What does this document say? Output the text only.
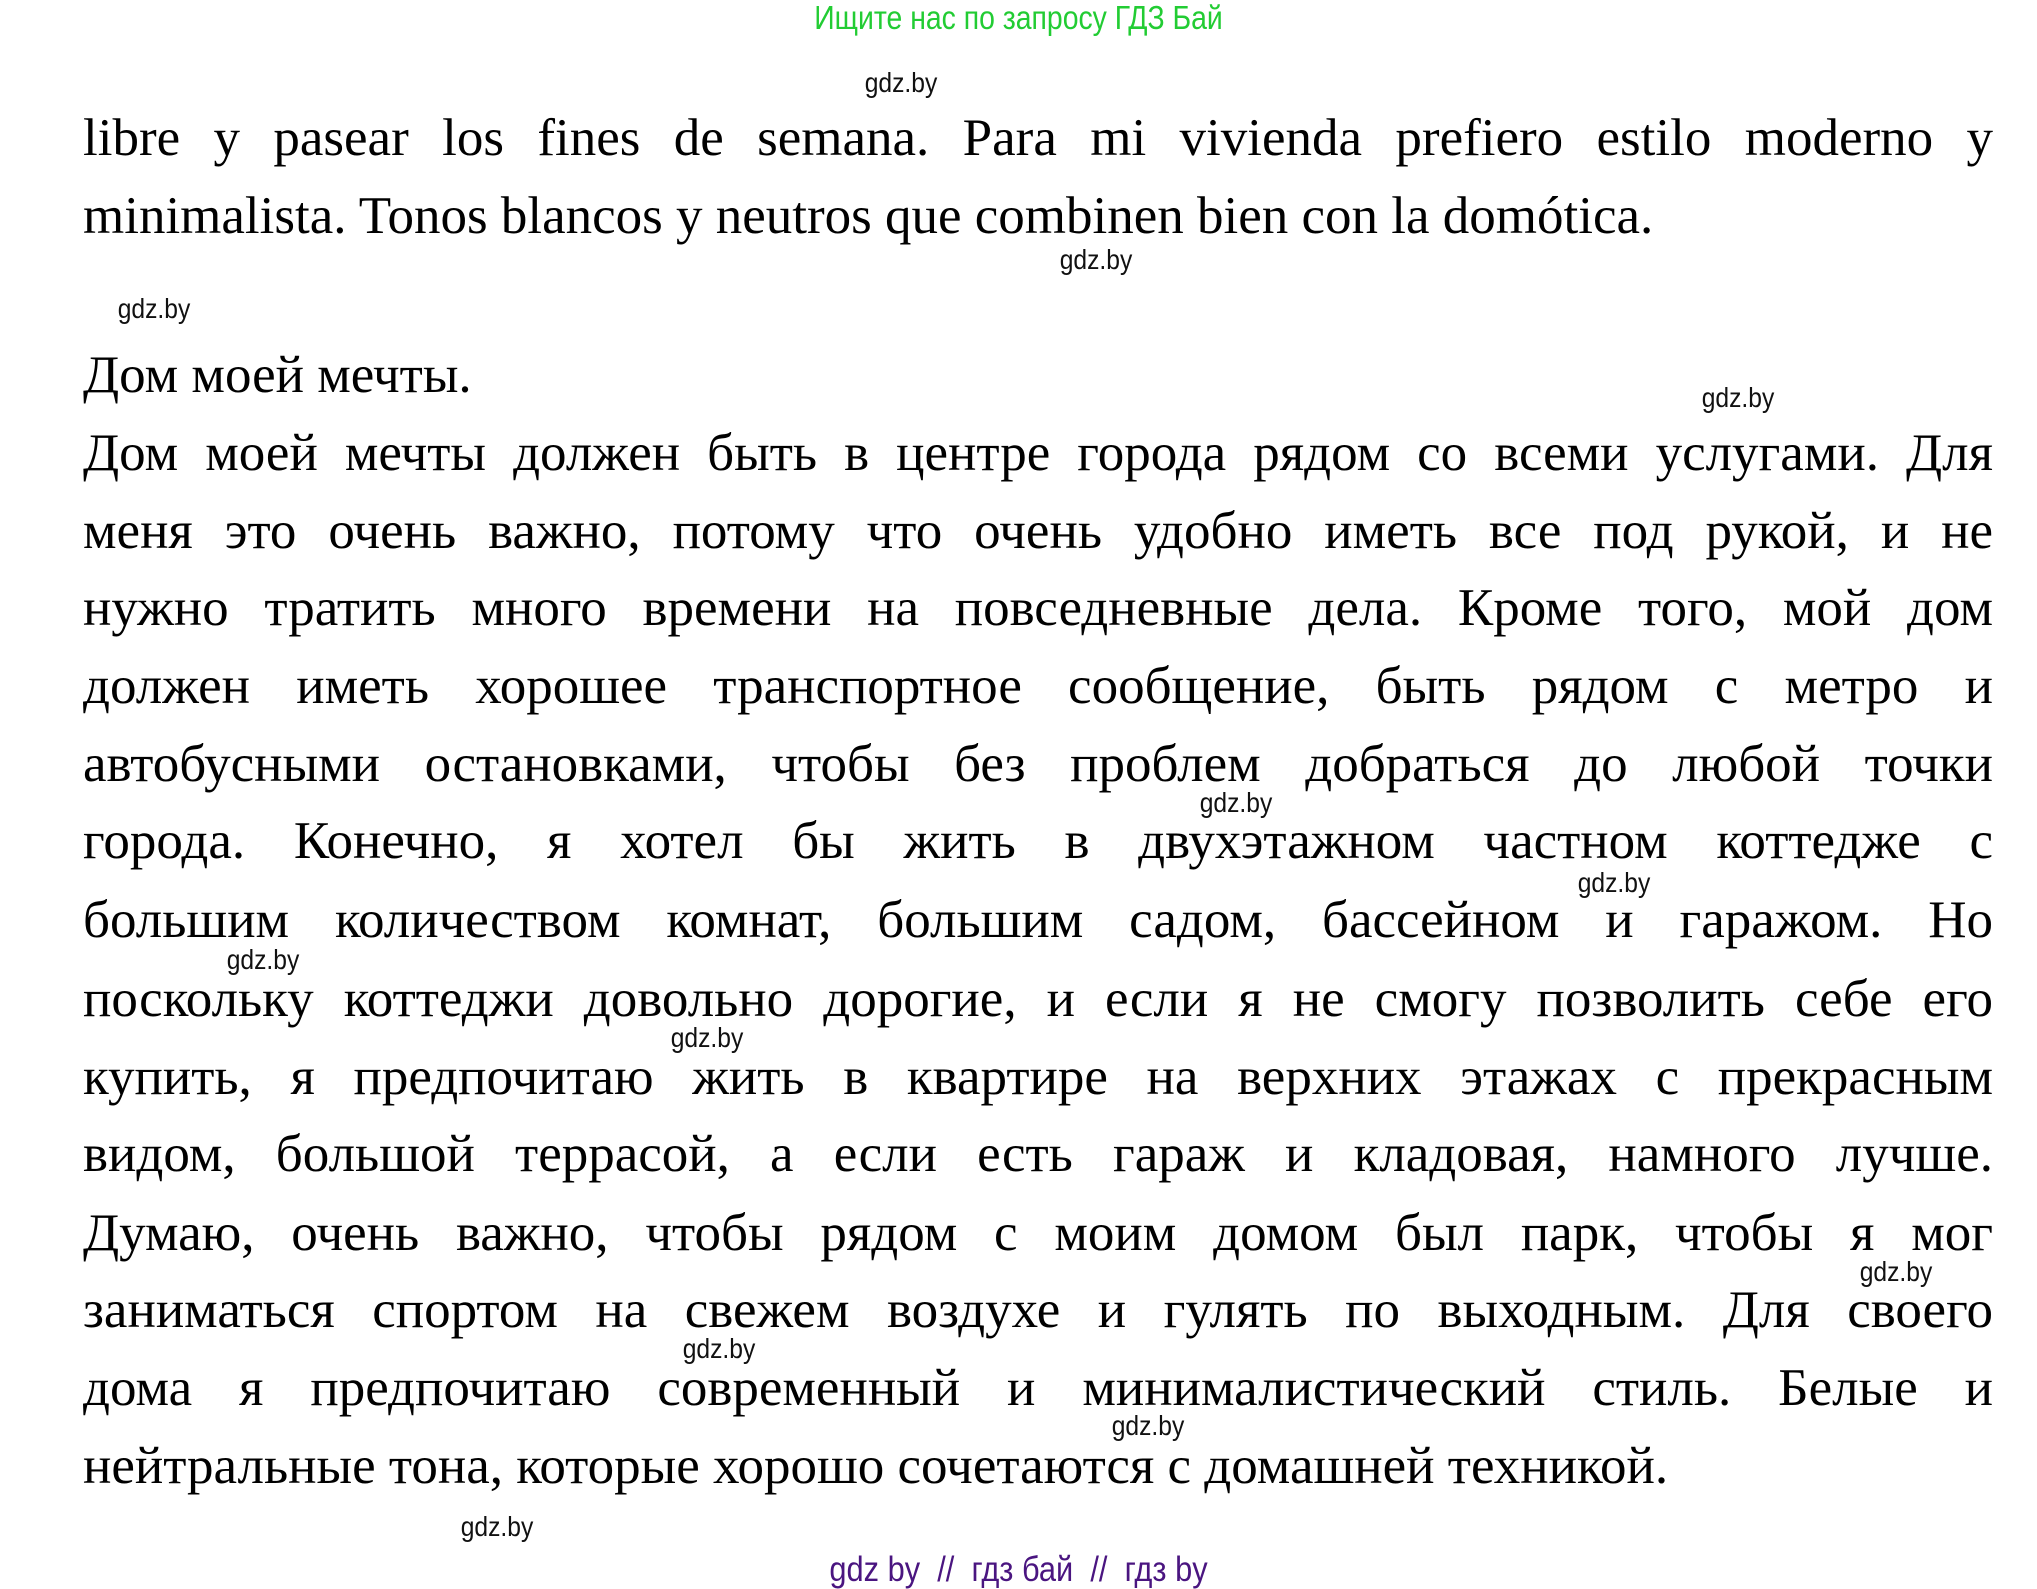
Ищите нас по запросу ГДЗ Бай
libre y pasear los fines de semana. Para mi vivienda prefiero estilo moderno y
minimalista. Tonos blancos y neutros que combinen bien con la domótica.
Дом моей мечты.
Дом моей мечты должен быть в центре города рядом со всеми услугами. Для
меня это очень важно, потому что очень удобно иметь все под рукой, и не
нужно тратить много времени на повседневные дела. Кроме того, мой дом
должен иметь хорошее транспортное сообщение, быть рядом с метро и
автобусными остановками, чтобы без проблем добраться до любой точки
города. Конечно, я хотел бы жить в двухэтажном частном коттедже с
большим количеством комнат, большим садом, бассейном и гаражом. Но
поскольку коттеджи довольно дорогие, и если я не смогу позволить себе его
купить, я предпочитаю жить в квартире на верхних этажах с прекрасным
видом, большой террасой, а если есть гараж и кладовая, намного лучше.
Думаю, очень важно, чтобы рядом с моим домом был парк, чтобы я мог
заниматься спортом на свежем воздухе и гулять по выходным. Для своего
дома я предпочитаю современный и минималистический стиль. Белые и
нейтральные тона, которые хорошо сочетаются с домашней техникой.
gdz.by
gdz.by
gdz.by
gdz.by
gdz.by
gdz.by
gdz.by
gdz.by
gdz.by
gdz.by
gdz.by
gdz.by
gdz by  //  гдз бай  //  гдз by
